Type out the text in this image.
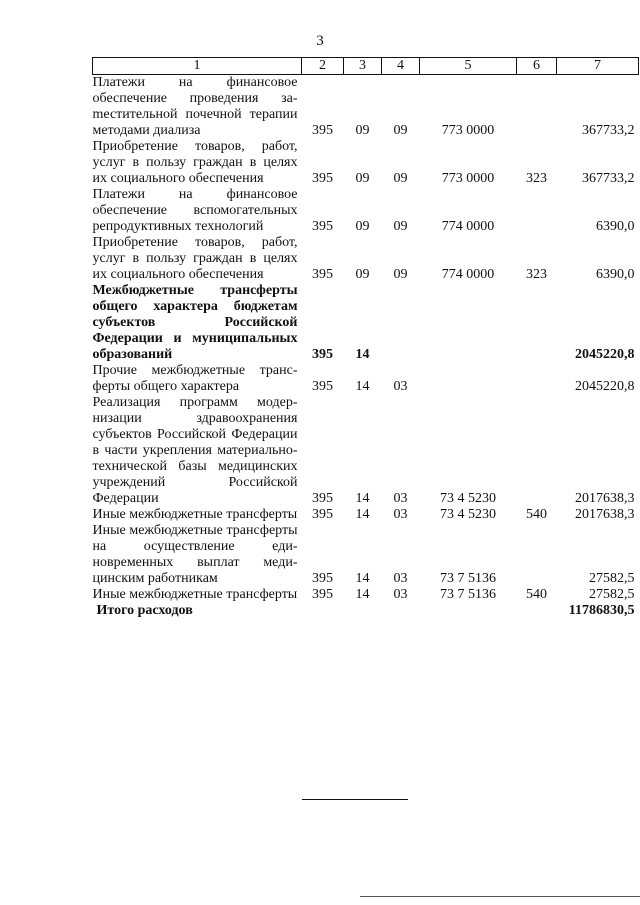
3
1	2	3	4	5	6	7
Платежи на финансовое обеспечение проведения заmестительной почечной терапии методами диализа	395	09	09	773 0000		367733,2
Приобретение товаров, работ, услуг в пользу граждан в целях их социального обеспечения	395	09	09	773 0000	323	367733,2
Платежи на финансовое обеспечение вспомогательных репродуктивных технологий	395	09	09	774 0000		6390,0
Приобретение товаров, работ, услуг в пользу граждан в целях их социального обеспечения	395	09	09	774 0000	323	6390,0
Межбюджетные трансферты общего характера бюджетам субъектов Российской Федерации и муниципальных образований	395	14				2045220,8
Прочие межбюджетные трансферты общего характера	395	14	03			2045220,8
Реализация программ модернизации здравоохранения субъектов Российской Федерации в части укрепления материально-технической базы медицинских учреждений Российской Федерации	395	14	03	73 4 5230		2017638,3
Иные межбюджетные трансферты	395	14	03	73 4 5230	540	2017638,3
Иные межбюджетные трансферты на осуществление единовременных выплат медицинским работникам	395	14	03	73 7 5136		27582,5
Иные межбюджетные трансферты	395	14	03	73 7 5136	540	27582,5
Итого расходов						11786830,5
